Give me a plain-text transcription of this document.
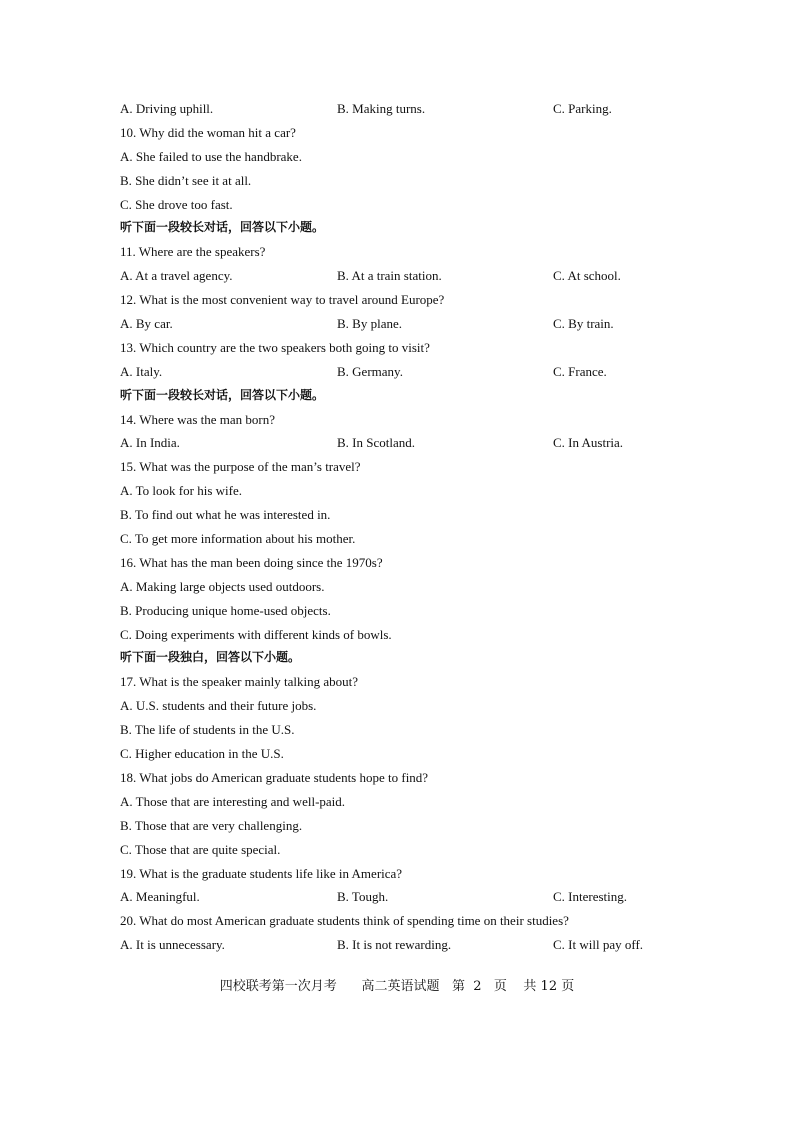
A. Driving uphill.	B. Making turns.	C. Parking.
10. Why did the woman hit a car?
A. She failed to use the handbrake.
B. She didn’t see it at all.
C. She drove too fast.
听下面一段较长对话，回答以下小题。
11. Where are the speakers?
A. At a travel agency.	B. At a train station.	C. At school.
12. What is the most convenient way to travel around Europe?
A. By car.	B. By plane.	C. By train.
13. Which country are the two speakers both going to visit?
A. Italy.	B. Germany.	C. France.
听下面一段较长对话，回答以下小题。
14. Where was the man born?
A. In India.	B. In Scotland.	C. In Austria.
15. What was the purpose of the man’s travel?
A. To look for his wife.
B. To find out what he was interested in.
C. To get more information about his mother.
16. What has the man been doing since the 1970s?
A. Making large objects used outdoors.
B. Producing unique home-used objects.
C. Doing experiments with different kinds of bowls.
听下面一段独白，回答以下小题。
17. What is the speaker mainly talking about?
A. U.S. students and their future jobs.
B. The life of students in the U.S.
C. Higher education in the U.S.
18. What jobs do American graduate students hope to find?
A. Those that are interesting and well-paid.
B. Those that are very challenging.
C. Those that are quite special.
19. What is the graduate students life like in America?
A. Meaningful.	B. Tough.	C. Interesting.
20. What do most American graduate students think of spending time on their studies?
A. It is unnecessary.	B. It is not rewarding.	C. It will pay off.
四校联考第一次月考      高二英语试题   第  2   页    共 12 页
